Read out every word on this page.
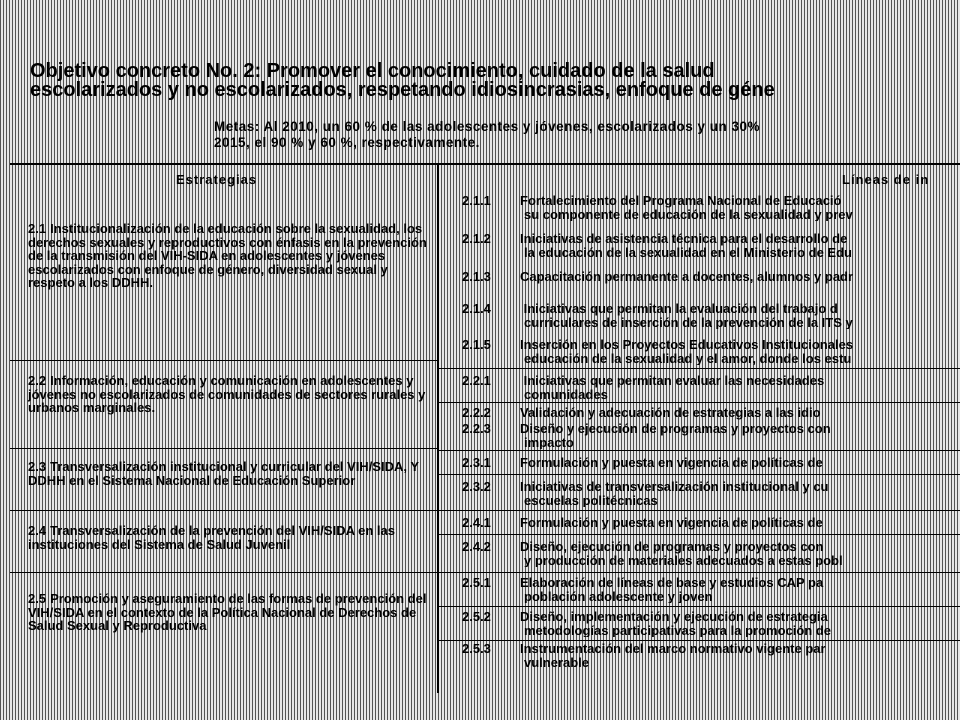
Objetivo concreto No. 2: Promover el conocimiento, cuidado de la salud
escolarizados y no escolarizados, respetando idiosincrasias, enfoque de géne
Metas: Al 2010, un 60 % de las adolescentes y jóvenes, escolarizados y un 30%
2015, el 90 % y 60 %, respectivamente.
Estrategias	Líneas de in
2.1 Institucionalización de la educación sobre la sexualidad, los derechos sexuales y reproductivos con énfasis en la prevención de la transmisión del VIH-SIDA en adolescentes y jóvenes escolarizados con enfoque de género, diversidad sexual y respeto a los DDHH.
2.2 Información, educación y comunicación en adolescentes y jóvenes no escolarizados de comunidades de sectores rurales y urbanos marginales.
2.3 Transversalización institucional y curricular del VIH/SIDA, Y DDHH en el Sistema Nacional de Educación Superior
2.4 Transversalización de la prevención del VIH/SIDA en las instituciones del Sistema de Salud Juvenil
2.5 Promoción y aseguramiento de las formas de prevención del VIH/SIDA en el contexto de la Política Nacional de Derechos de Salud Sexual y Reproductiva
2.1.1 Fortalecimiento del Programa Nacional de Educació
su componente de educación de la sexualidad y prev
2.1.2 Iniciativas de asistencia técnica para el desarrollo de
la educación de la sexualidad en el Ministerio de Edu
2.1.3 Capacitación permanente a docentes, alumnos y padr
2.1.4 Iniciativas que permitan la evaluación del trabajo d
curriculares de inserción de la prevención de la ITS y
2.1.5 Inserción en los Proyectos Educativos Institucionales
educación de la sexualidad y el amor, donde los estu
2.2.1 Iniciativas que permitan evaluar las necesidades
comunidades
2.2.2 Validación y adecuación de estrategias a las idio
2.2.3 Diseño y ejecución de programas y proyectos con
impacto
2.3.1 Formulación y puesta en vigencia de políticas de
2.3.2 Iniciativas de transversalización institucional y cu
escuelas politécnicas
2.4.1 Formulación y puesta en vigencia de políticas de
2.4.2 Diseño, ejecución de programas y proyectos con
y producción de materiales adecuados a estas pobl
2.5.1 Elaboración de líneas de base y estudios CAP pa
población adolescente y joven
2.5.2 Diseño, implementación y ejecución de estrategia
metodologías participativas para la promoción de
2.5.3 Instrumentación del marco normativo vigente par
vulnerable
